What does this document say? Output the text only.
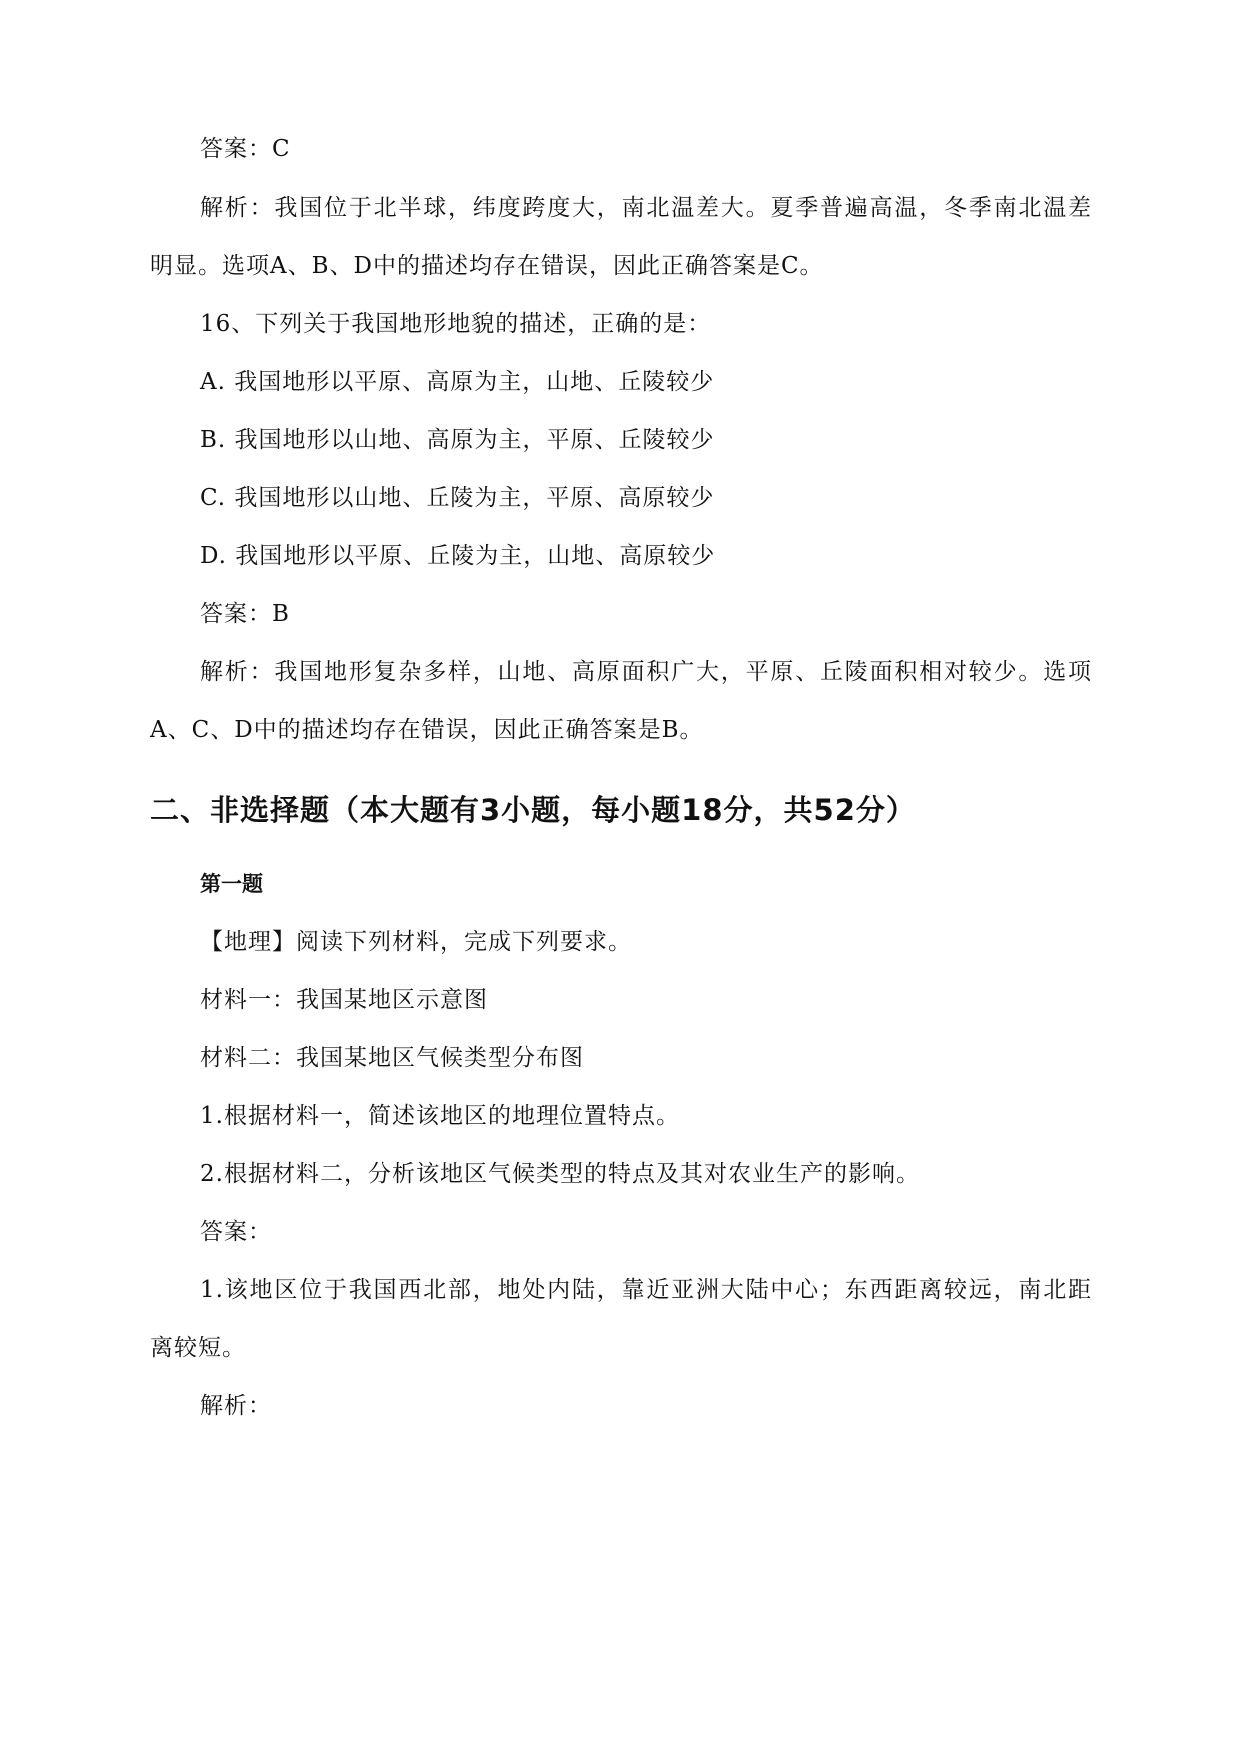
答案：C
解析：我国位于北半球，纬度跨度大，南北温差大。夏季普遍高温，冬季南北温差
明显。选项A、B、D中的描述均存在错误，因此正确答案是C。
16、下列关于我国地形地貌的描述，正确的是：
A. 我国地形以平原、高原为主，山地、丘陵较少
B. 我国地形以山地、高原为主，平原、丘陵较少
C. 我国地形以山地、丘陵为主，平原、高原较少
D. 我国地形以平原、丘陵为主，山地、高原较少
答案：B
解析：我国地形复杂多样，山地、高原面积广大，平原、丘陵面积相对较少。选项
A、C、D中的描述均存在错误，因此正确答案是B。
二、非选择题（本大题有3小题，每小题18分，共52分）
第一题
【地理】阅读下列材料，完成下列要求。
材料一：我国某地区示意图
材料二：我国某地区气候类型分布图
1.根据材料一，简述该地区的地理位置特点。
2.根据材料二，分析该地区气候类型的特点及其对农业生产的影响。
答案：
1.该地区位于我国西北部，地处内陆，靠近亚洲大陆中心；东西距离较远，南北距
离较短。
解析：
